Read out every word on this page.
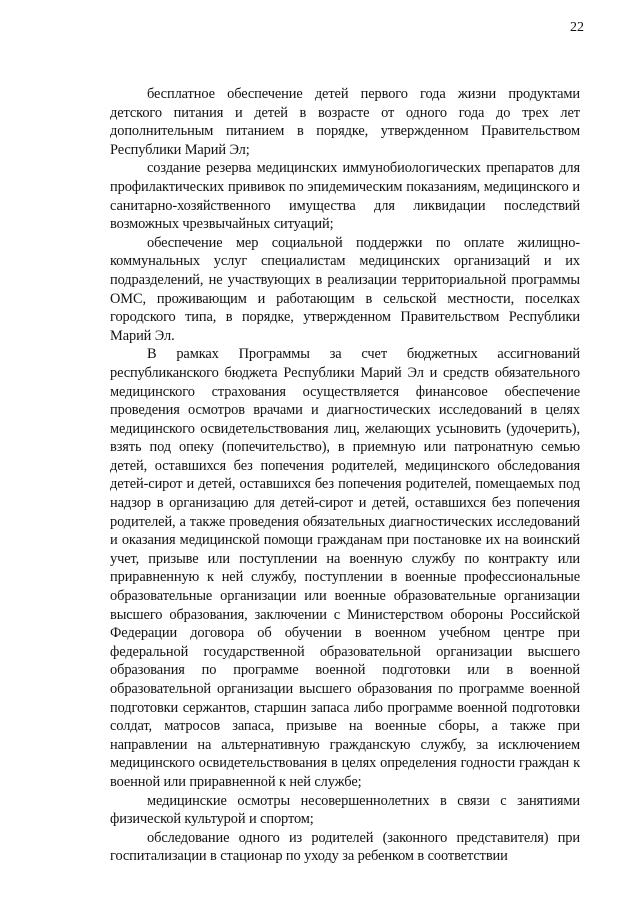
22

бесплатное обеспечение детей первого года жизни продуктами детского питания и детей в возрасте от одного года до трех лет дополнительным питанием в порядке, утвержденном Правительством Республики Марий Эл;

создание резерва медицинских иммунобиологических препаратов для профилактических прививок по эпидемическим показаниям, медицинского и санитарно-хозяйственного имущества для ликвидации последствий возможных чрезвычайных ситуаций;

обеспечение мер социальной поддержки по оплате жилищно-коммунальных услуг специалистам медицинских организаций и их подразделений, не участвующих в реализации территориальной программы ОМС, проживающим и работающим в сельской местности, поселках городского типа, в порядке, утвержденном Правительством Республики Марий Эл.

В рамках Программы за счет бюджетных ассигнований республиканского бюджета Республики Марий Эл и средств обязательного медицинского страхования осуществляется финансовое обеспечение проведения осмотров врачами и диагностических исследований в целях медицинского освидетельствования лиц, желающих усыновить (удочерить), взять под опеку (попечительство), в приемную или патронатную семью детей, оставшихся без попечения родителей, медицинского обследования детей-сирот и детей, оставшихся без попечения родителей, помещаемых под надзор в организацию для детей-сирот и детей, оставшихся без попечения родителей, а также проведения обязательных диагностических исследований и оказания медицинской помощи гражданам при постановке их на воинский учет, призыве или поступлении на военную службу по контракту или приравненную к ней службу, поступлении в военные профессиональные образовательные организации или военные образовательные организации высшего образования, заключении с Министерством обороны Российской Федерации договора об обучении в военном учебном центре при федеральной государственной образовательной организации высшего образования по программе военной подготовки или в военной образовательной организации высшего образования по программе военной подготовки сержантов, старшин запаса либо программе военной подготовки солдат, матросов запаса, призыве на военные сборы, а также при направлении на альтернативную гражданскую службу, за исключением медицинского освидетельствования в целях определения годности граждан к военной или приравненной к ней службе;

медицинские осмотры несовершеннолетних в связи с занятиями физической культурой и спортом;

обследование одного из родителей (законного представителя) при госпитализации в стационар по уходу за ребенком в соответствии
